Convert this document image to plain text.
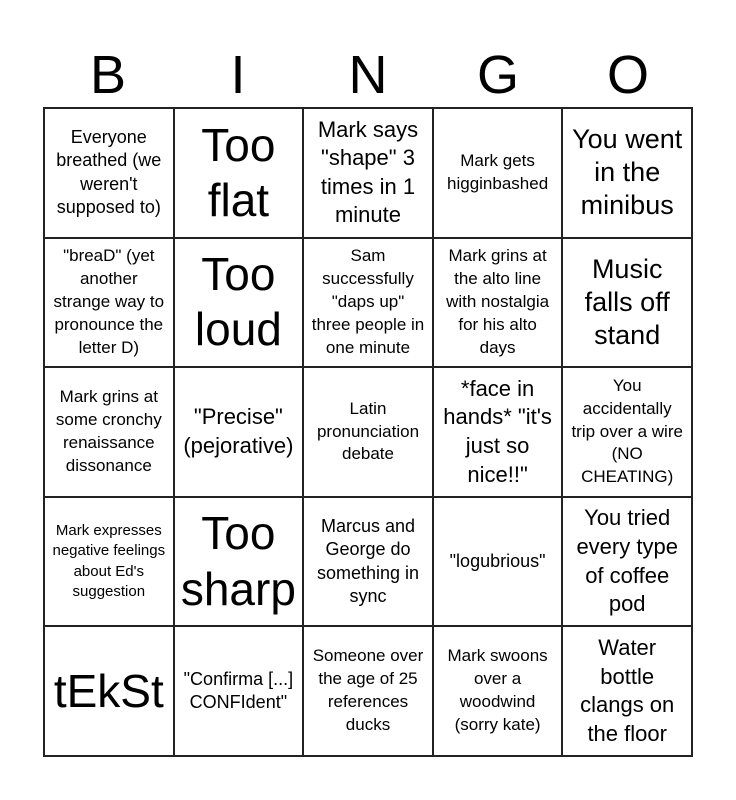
B	I	N	G	O
Everyone breathed (we weren't supposed to)
Too flat
Mark says "shape" 3 times in 1 minute
Mark gets higginbashed
You went in the minibus
"breaD" (yet another strange way to pronounce the letter D)
Too loud
Sam successfully "daps up" three people in one minute
Mark grins at the alto line with nostalgia for his alto days
Music falls off stand
Mark grins at some cronchy renaissance dissonance
"Precise" (pejorative)
Latin pronunciation debate
*face in hands* "it's just so nice!!"
You accidentally trip over a wire (NO CHEATING)
Mark expresses negative feelings about Ed's suggestion
Too sharp
Marcus and George do something in sync
"logubrious"
You tried every type of coffee pod
tEkSt "Confirma [...] CONFIdent"
Someone over the age of 25 references ducks
Mark swoons over a woodwind (sorry kate)
Water bottle clangs on the floor
